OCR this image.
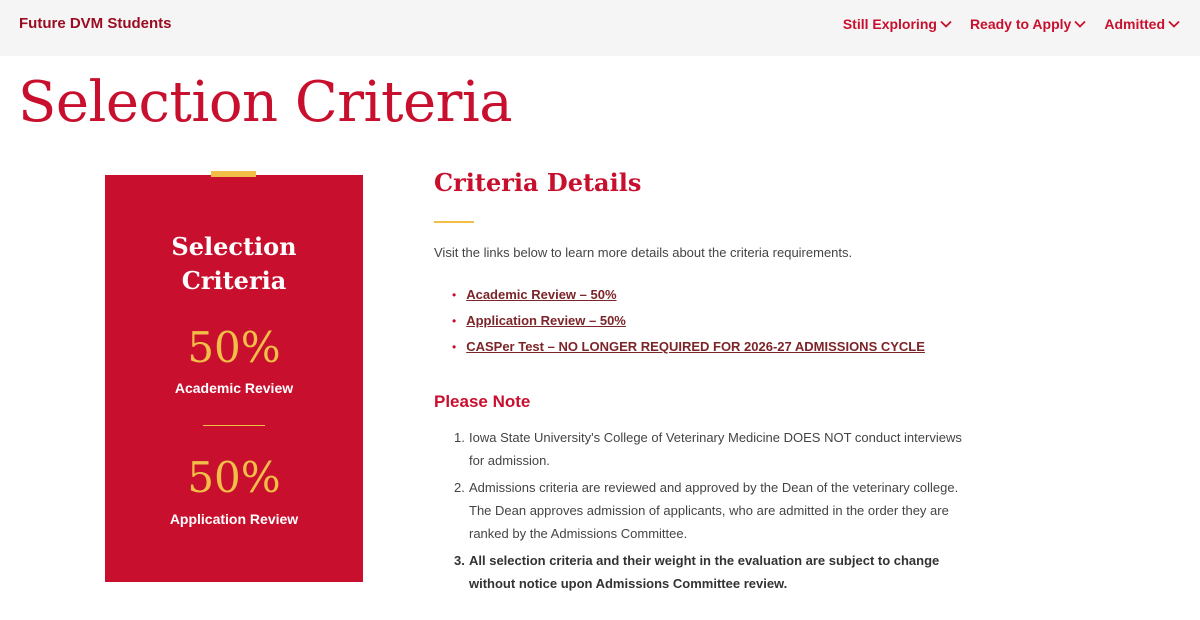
Future DVM Students	Still Exploring Ready to Apply Admitted
Selection Criteria
Selection
Criteria
50%
Academic Review
50%
Application Review
Criteria Details

Visit the links below to learn more details about the criteria requirements.

• Academic Review – 50%
• Application Review – 50%
• CASPer Test – NO LONGER REQUIRED FOR 2026-27 ADMISSIONS CYCLE
Please Note
1. Iowa State University's College of Veterinary Medicine DOES NOT conduct interviews for admission.
2. Admissions criteria are reviewed and approved by the Dean of the veterinary college. The Dean approves admission of applicants, who are admitted in the order they are ranked by the Admissions Committee.
3. All selection criteria and their weight in the evaluation are subject to change without notice upon Admissions Committee review.
